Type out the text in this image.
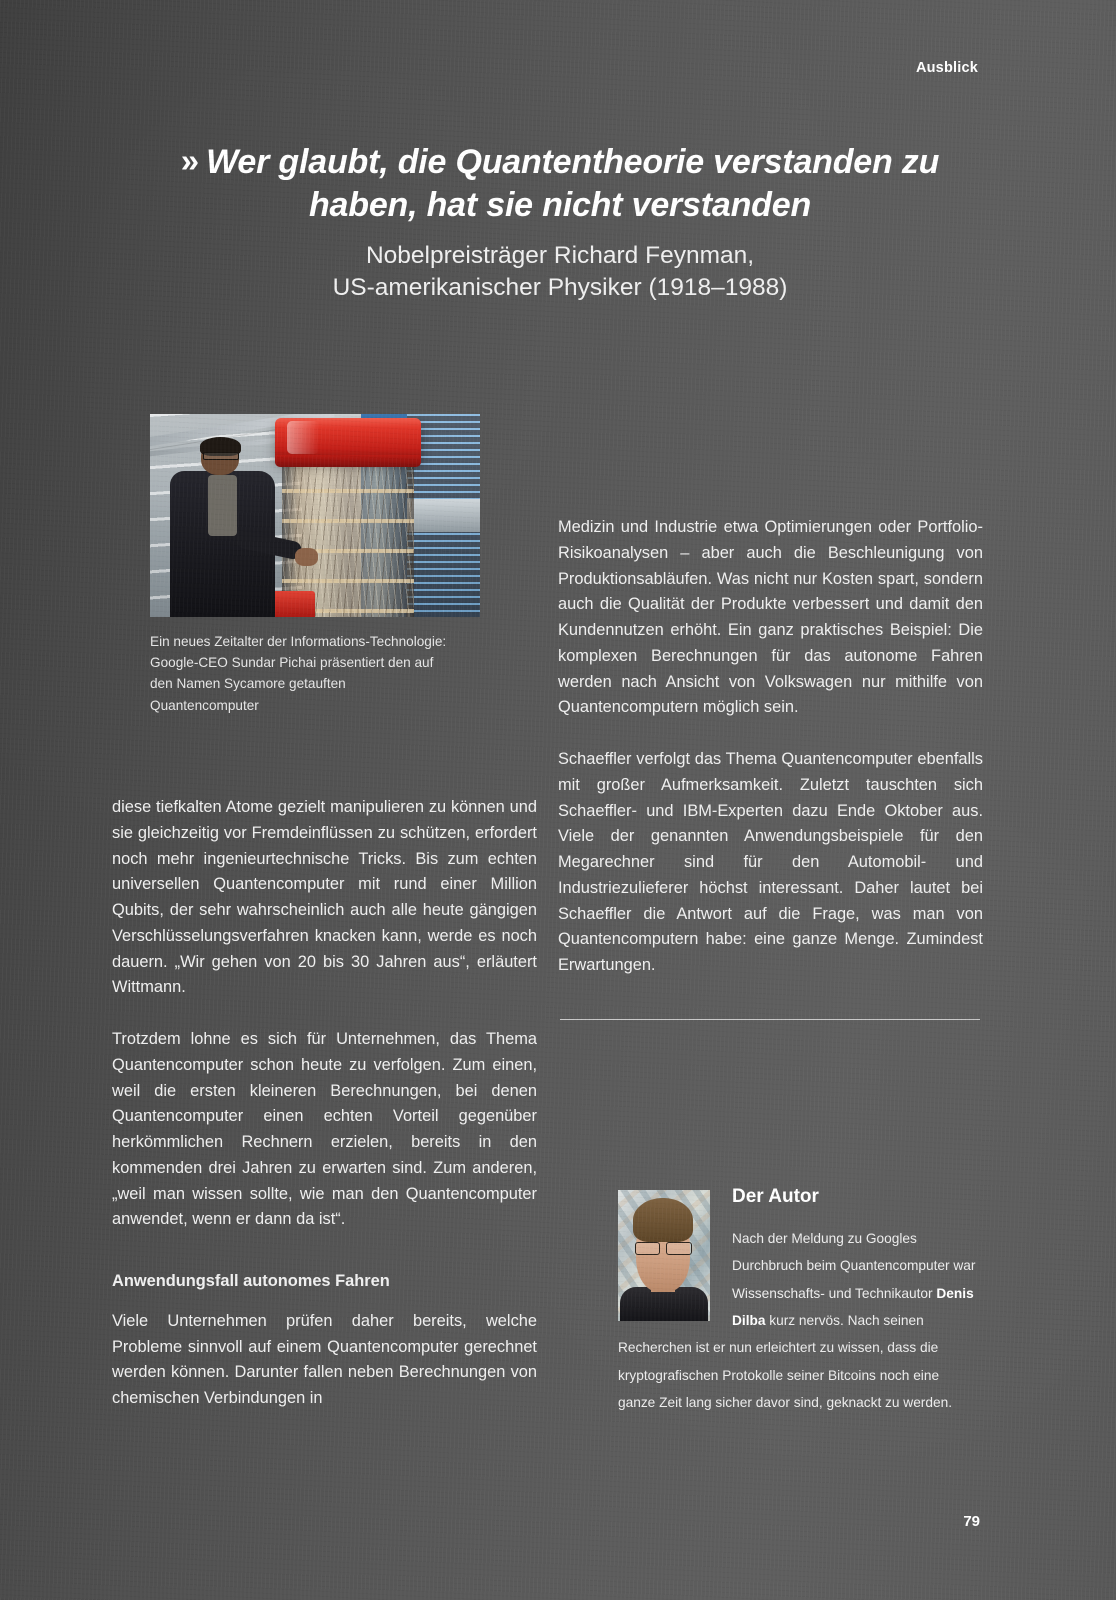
Ausblick
» Wer glaubt, die Quantentheorie verstanden zu
haben, hat sie nicht verstanden

Nobelpreisträger Richard Feynman,
US-amerikanischer Physiker (1918–1988)

Ein neues Zeitalter der Informations-Technologie: Google-CEO Sundar Pichai präsentiert den auf den Namen Sycamore getauften Quantencomputer

diese tiefkalten Atome gezielt manipulieren zu können und sie gleichzeitig vor Fremdeinflüssen zu schützen, erfordert noch mehr ingenieurtechnische Tricks. Bis zum echten universellen Quantencomputer mit rund einer Million Qubits, der sehr wahrscheinlich auch alle heute gängigen Verschlüsselungsverfahren knacken kann, werde es noch dauern. „Wir gehen von 20 bis 30 Jahren aus“, erläutert Wittmann.

Trotzdem lohne es sich für Unternehmen, das Thema Quantencomputer schon heute zu verfolgen. Zum einen, weil die ersten kleineren Berechnungen, bei denen Quantencomputer einen echten Vorteil gegenüber herkömmlichen Rechnern erzielen, bereits in den kommenden drei Jahren zu erwarten sind. Zum anderen, „weil man wissen sollte, wie man den Quantencomputer anwendet, wenn er dann da ist“.

Anwendungsfall autonomes Fahren

Viele Unternehmen prüfen daher bereits, welche Probleme sinnvoll auf einem Quantencomputer gerechnet werden können. Darunter fallen neben Berechnungen von chemischen Verbindungen in

Medizin und Industrie etwa Optimierungen oder Portfolio-Risikoanalysen – aber auch die Beschleunigung von Produktionsabläufen. Was nicht nur Kosten spart, sondern auch die Qualität der Produkte verbessert und damit den Kundennutzen erhöht. Ein ganz praktisches Beispiel: Die komplexen Berechnungen für das autonome Fahren werden nach Ansicht von Volkswagen nur mithilfe von Quantencomputern möglich sein.

Schaeffler verfolgt das Thema Quantencomputer ebenfalls mit großer Aufmerksamkeit. Zuletzt tauschten sich Schaeffler- und IBM-Experten dazu Ende Oktober aus. Viele der genannten Anwendungsbeispiele für den Megarechner sind für den Automobil- und Industriezulieferer höchst interessant. Daher lautet bei Schaeffler die Antwort auf die Frage, was man von Quantencomputern habe: eine ganze Menge. Zumindest Erwartungen.

Der Autor

Nach der Meldung zu Googles Durchbruch beim Quantencomputer war Wissenschafts- und Technikautor Denis Dilba kurz nervös. Nach seinen Recherchen ist er nun erleichtert zu wissen, dass die kryptografischen Protokolle seiner Bitcoins noch eine ganze Zeit lang sicher davor sind, geknackt zu werden.

79
